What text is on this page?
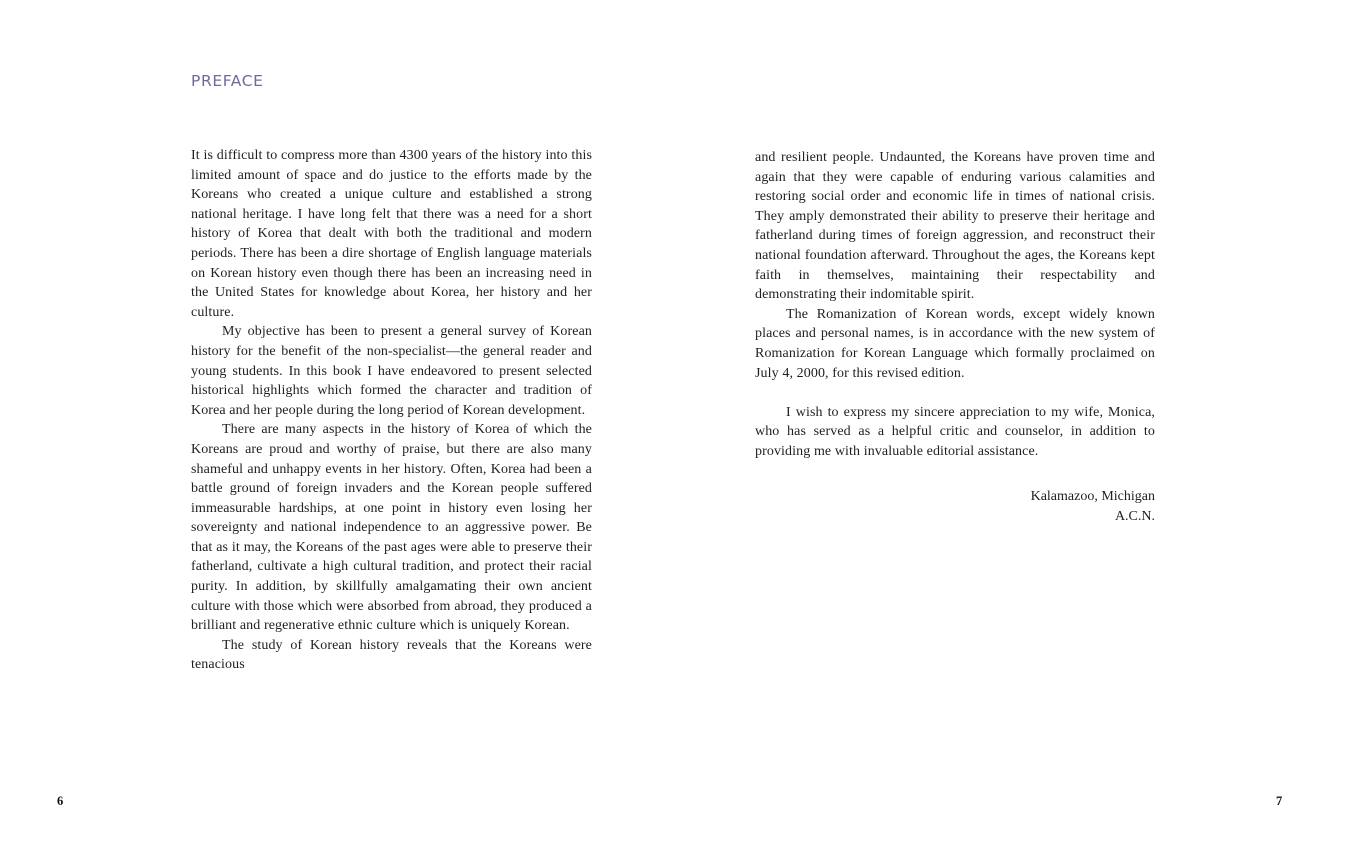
PREFACE

It is difficult to compress more than 4300 years of the history into this limited amount of space and do justice to the efforts made by the Koreans who created a unique culture and established a strong national heritage. I have long felt that there was a need for a short history of Korea that dealt with both the traditional and modern periods. There has been a dire shortage of English language materials on Korean history even though there has been an increasing need in the United States for knowledge about Korea, her history and her culture.

My objective has been to present a general survey of Korean history for the benefit of the non-specialist—the general reader and young students. In this book I have endeavored to present selected historical highlights which formed the character and tradition of Korea and her people during the long period of Korean development.

There are many aspects in the history of Korea of which the Koreans are proud and worthy of praise, but there are also many shameful and unhappy events in her history. Often, Korea had been a battle ground of foreign invaders and the Korean people suffered immeasurable hardships, at one point in history even losing her sovereignty and national independence to an aggressive power. Be that as it may, the Koreans of the past ages were able to preserve their fatherland, cultivate a high cultural tradition, and protect their racial purity. In addition, by skillfully amalgamating their own ancient culture with those which were absorbed from abroad, they produced a brilliant and regenerative ethnic culture which is uniquely Korean.

The study of Korean history reveals that the Koreans were tenacious

6

and resilient people. Undaunted, the Koreans have proven time and again that they were capable of enduring various calamities and restoring social order and economic life in times of national crisis. They amply demonstrated their ability to preserve their heritage and fatherland during times of foreign aggression, and reconstruct their national foundation afterward. Throughout the ages, the Koreans kept faith in themselves, maintaining their respectability and demonstrating their indomitable spirit.

The Romanization of Korean words, except widely known places and personal names, is in accordance with the new system of Romanization for Korean Language which formally proclaimed on July 4, 2000, for this revised edition.

I wish to express my sincere appreciation to my wife, Monica, who has served as a helpful critic and counselor, in addition to providing me with invaluable editorial assistance.

Kalamazoo, Michigan
A.C.N.
7
